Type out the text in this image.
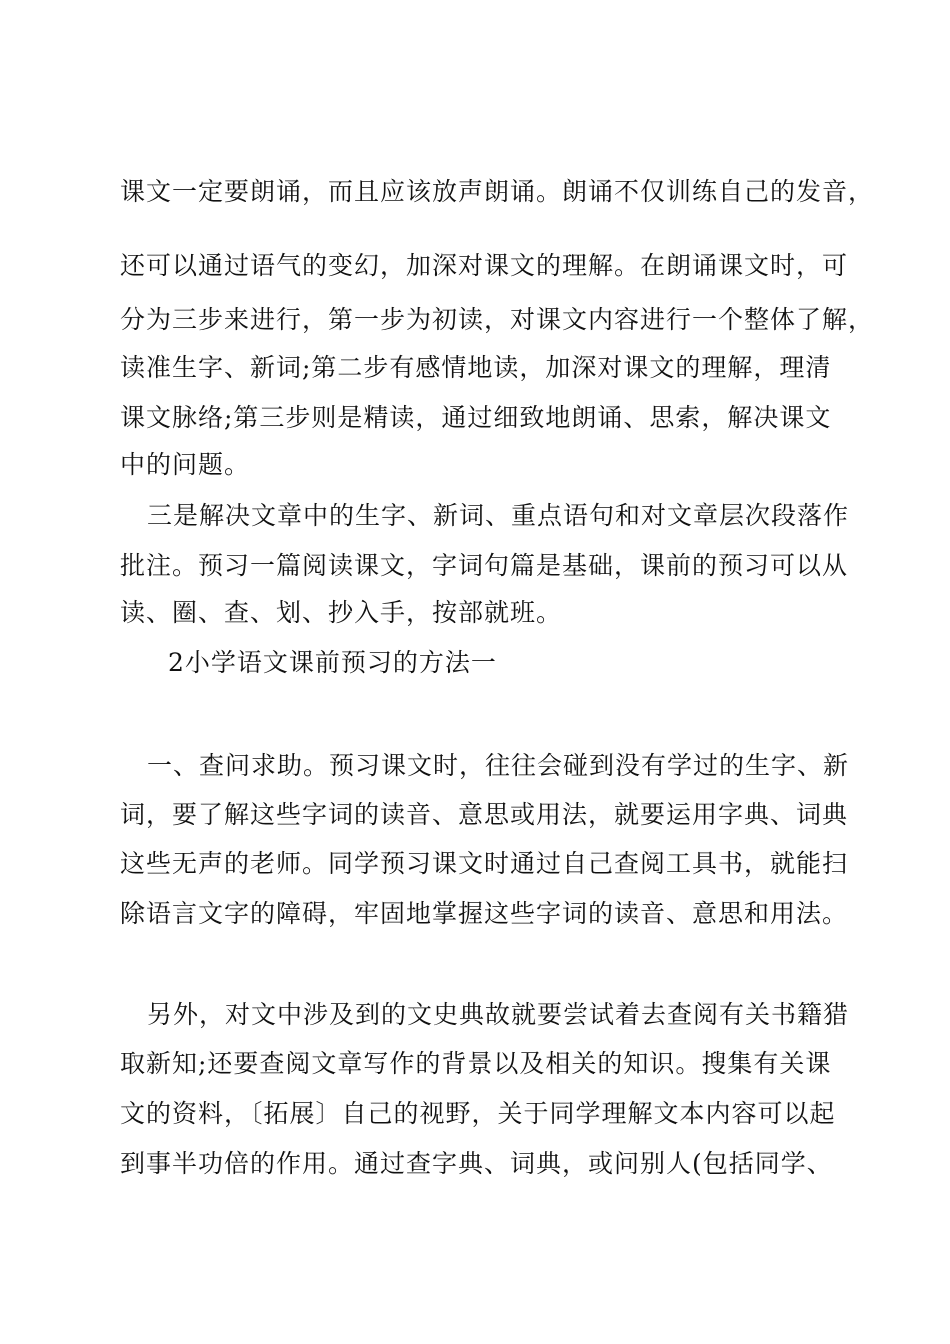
课文一定要朗诵，而且应该放声朗诵。朗诵不仅训练自己的发音，
还可以通过语气的变幻，加深对课文的理解。在朗诵课文时，可
分为三步来进行，第一步为初读，对课文内容进行一个整体了解，
读准生字、新词;第二步有感情地读，加深对课文的理解，理清
课文脉络;第三步则是精读，通过细致地朗诵、思索，解决课文
中的问题。
三是解决文章中的生字、新词、重点语句和对文章层次段落作
批注。预习一篇阅读课文，字词句篇是基础，课前的预习可以从
读、圈、查、划、抄入手，按部就班。
2小学语文课前预习的方法一
一、查问求助。预习课文时，往往会碰到没有学过的生字、新
词，要了解这些字词的读音、意思或用法，就要运用字典、词典
这些无声的老师。同学预习课文时通过自己查阅工具书，就能扫
除语言文字的障碍，牢固地掌握这些字词的读音、意思和用法。
另外，对文中涉及到的文史典故就要尝试着去查阅有关书籍猎
取新知;还要查阅文章写作的背景以及相关的知识。搜集有关课
文的资料，〔拓展〕自己的视野，关于同学理解文本内容可以起
到事半功倍的作用。通过查字典、词典，或问别人(包括同学、
